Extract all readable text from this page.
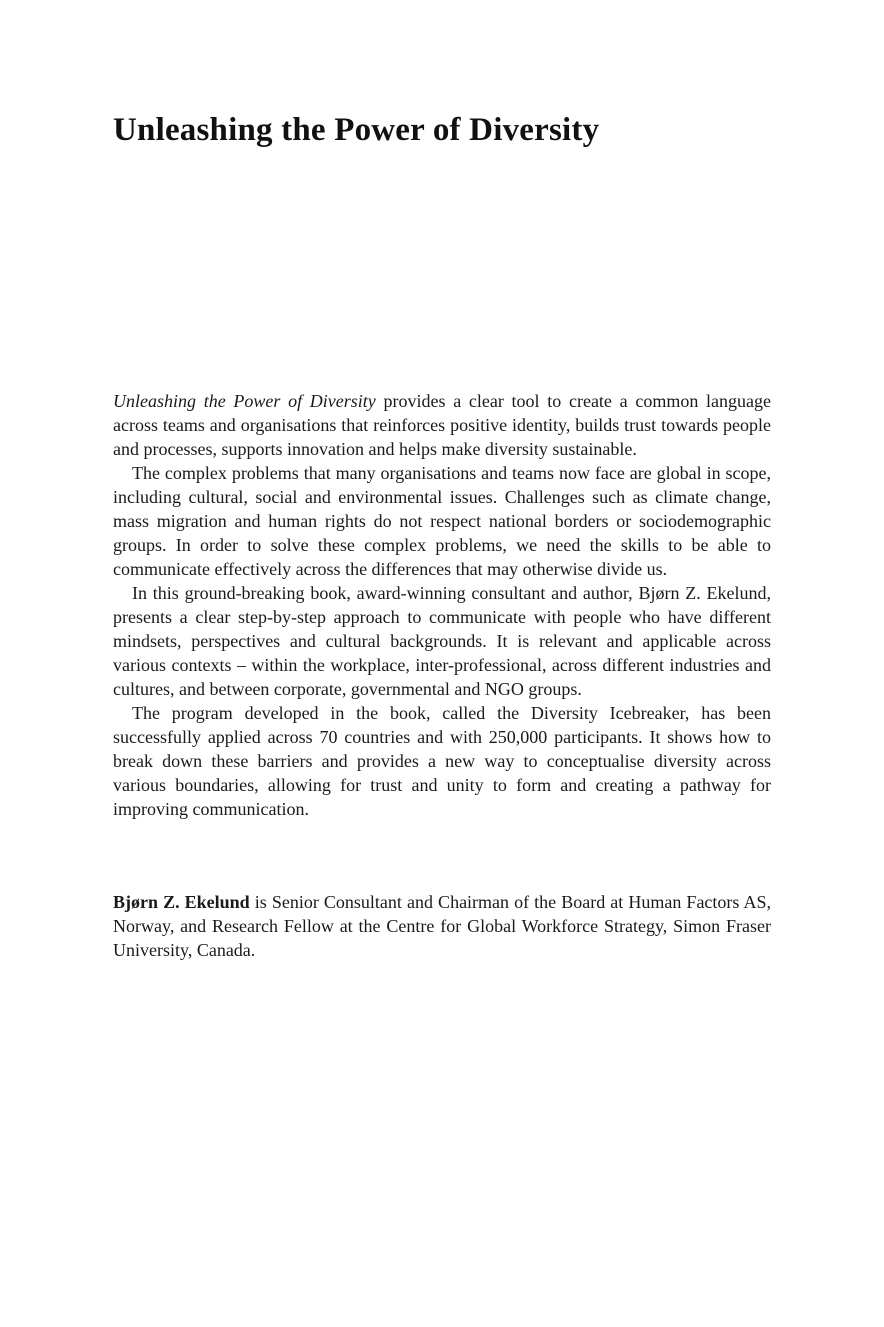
Unleashing the Power of Diversity

Unleashing the Power of Diversity provides a clear tool to create a common language across teams and organisations that reinforces positive identity, builds trust towards people and processes, supports innovation and helps make diversity sustainable.

The complex problems that many organisations and teams now face are global in scope, including cultural, social and environmental issues. Challenges such as climate change, mass migration and human rights do not respect national borders or sociodemographic groups. In order to solve these complex problems, we need the skills to be able to communicate effectively across the differences that may otherwise divide us.

In this ground-breaking book, award-winning consultant and author, Bjørn Z. Ekelund, presents a clear step-by-step approach to communicate with people who have different mindsets, perspectives and cultural backgrounds. It is relevant and applicable across various contexts – within the workplace, inter-professional, across different industries and cultures, and between corporate, governmental and NGO groups.

The program developed in the book, called the Diversity Icebreaker, has been successfully applied across 70 countries and with 250,000 participants. It shows how to break down these barriers and provides a new way to conceptualise diversity across various boundaries, allowing for trust and unity to form and creating a pathway for improving communication.

Bjørn Z. Ekelund is Senior Consultant and Chairman of the Board at Human Factors AS, Norway, and Research Fellow at the Centre for Global Workforce Strategy, Simon Fraser University, Canada.
